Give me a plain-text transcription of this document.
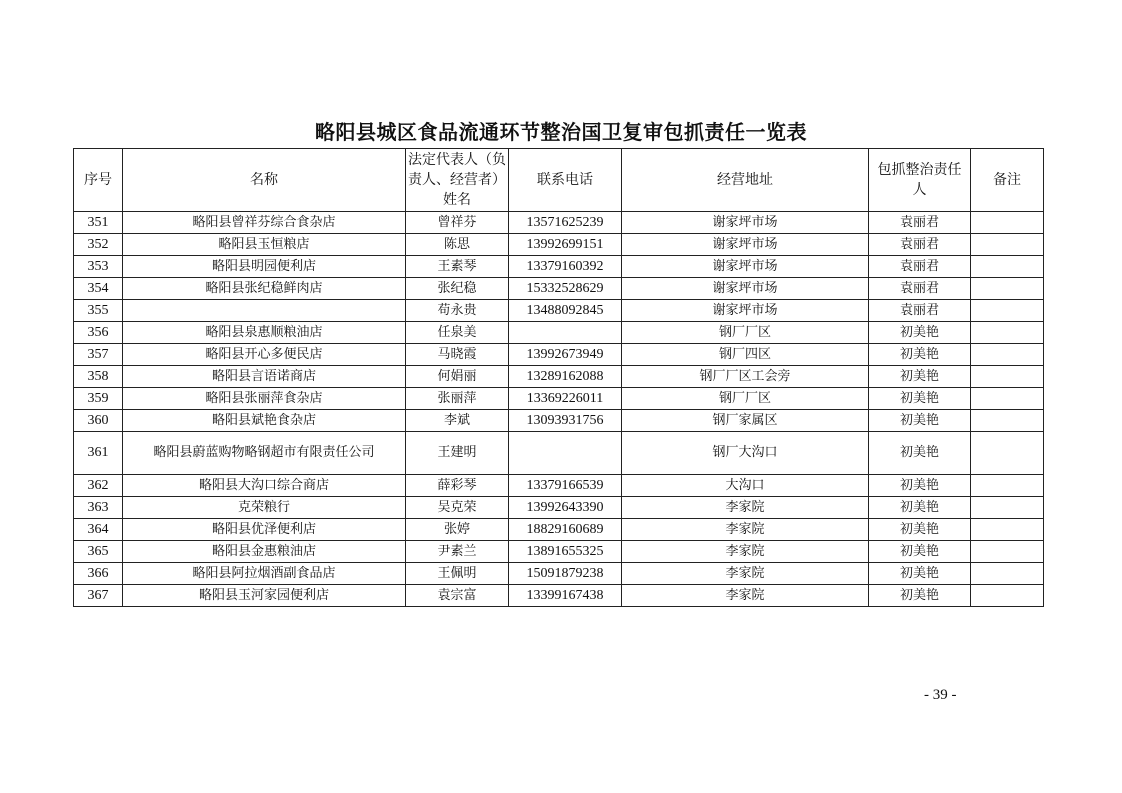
略阳县城区食品流通环节整治国卫复审包抓责任一览表
序号	名称	法定代表人（负责人、经营者）姓名	联系电话	经营地址	包抓整治责任人	备注
351	略阳县曾祥芬综合食杂店	曾祥芬	13571625239	谢家坪市场	袁丽君	
352	略阳县玉恒粮店	陈思	13992699151	谢家坪市场	袁丽君	
353	略阳县明园便利店	王素琴	13379160392	谢家坪市场	袁丽君	
354	略阳县张纪稳鲜肉店	张纪稳	15332528629	谢家坪市场	袁丽君	
355		苟永贵	13488092845	谢家坪市场	袁丽君	
356	略阳县泉惠顺粮油店	任泉美		钢厂厂区	初美艳	
357	略阳县开心多便民店	马晓霞	13992673949	钢厂四区	初美艳	
358	略阳县言语诺商店	何娟丽	13289162088	钢厂厂区工会旁	初美艳	
359	略阳县张丽萍食杂店	张丽萍	13369226011	钢厂厂区	初美艳	
360	略阳县斌艳食杂店	李斌	13093931756	钢厂家属区	初美艳	
361	略阳县蔚蓝购物略钢超市有限责任公司	王建明		钢厂大沟口	初美艳	
362	略阳县大沟口综合商店	薛彩琴	13379166539	大沟口	初美艳	
363	克荣粮行	吴克荣	13992643390	李家院	初美艳	
364	略阳县优泽便利店	张婷	18829160689	李家院	初美艳	
365	略阳县金惠粮油店	尹素兰	13891655325	李家院	初美艳	
366	略阳县阿拉烟酒副食品店	王佩明	15091879238	李家院	初美艳	
367	略阳县玉河家园便利店	袁宗富	13399167438	李家院	初美艳	
- 39 -
